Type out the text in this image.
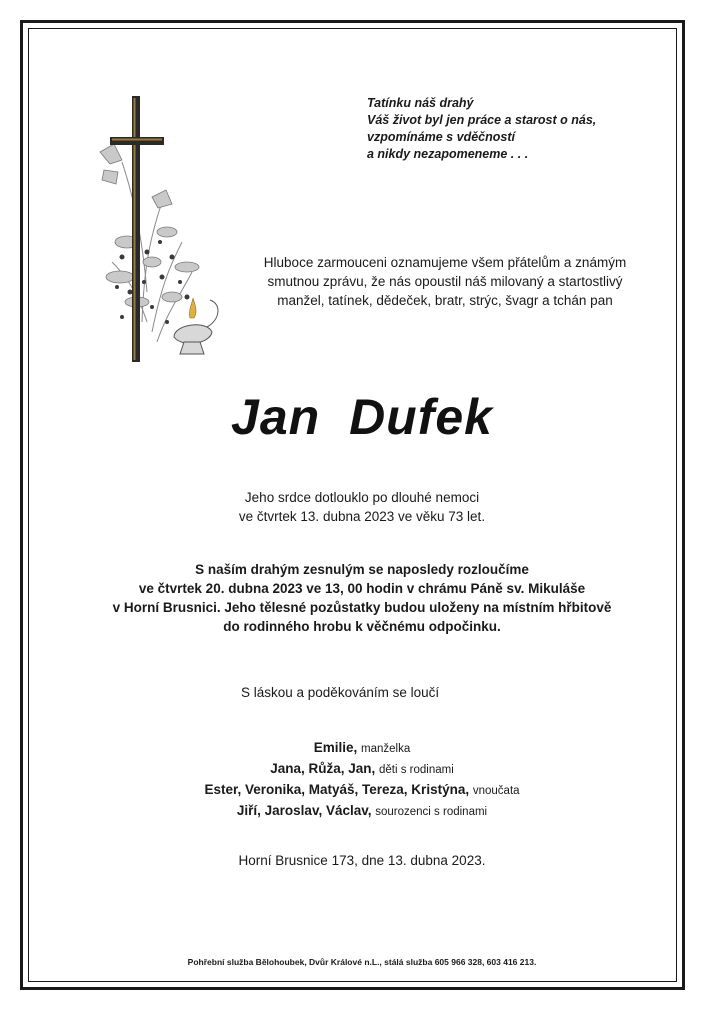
Tatínku náš drahý
Váš život byl jen práce a starost o nás,
vzpomínáme s vděčností
a nikdy nezapomeneme . . .
Hluboce zarmouceni oznamujeme všem přátelům a známým
smutnou zprávu, že nás opoustil náš milovaný a startostlivý
manžel, tatínek, dědeček, bratr, strýc, švagr a tchán pan
Jan Dufek
Jeho srdce dotlouklo po dlouhé nemoci
ve čtvrtek 13. dubna 2023 ve věku 73 let.
S naším drahým zesnulým se naposledy rozloučíme
ve čtvrtek 20. dubna 2023 ve 13, 00 hodin v chrámu Páně sv. Mikuláše
v Horní Brusnici. Jeho tělesné pozůstatky budou uloženy na místním hřbitově
do rodinného hrobu k věčnému odpočinku.
S láskou a poděkováním se loučí
Emilie, manželka
Jana, Růža, Jan, děti s rodinami
Ester, Veronika, Matyáš, Tereza, Kristýna, vnoučata
Jiří, Jaroslav, Václav, sourozenci s rodinami
Horní Brusnice 173, dne 13. dubna 2023.
Pohřební služba Bělohoubek, Dvůr Králové n.L., stálá služba 605 966 328, 603 416 213.
